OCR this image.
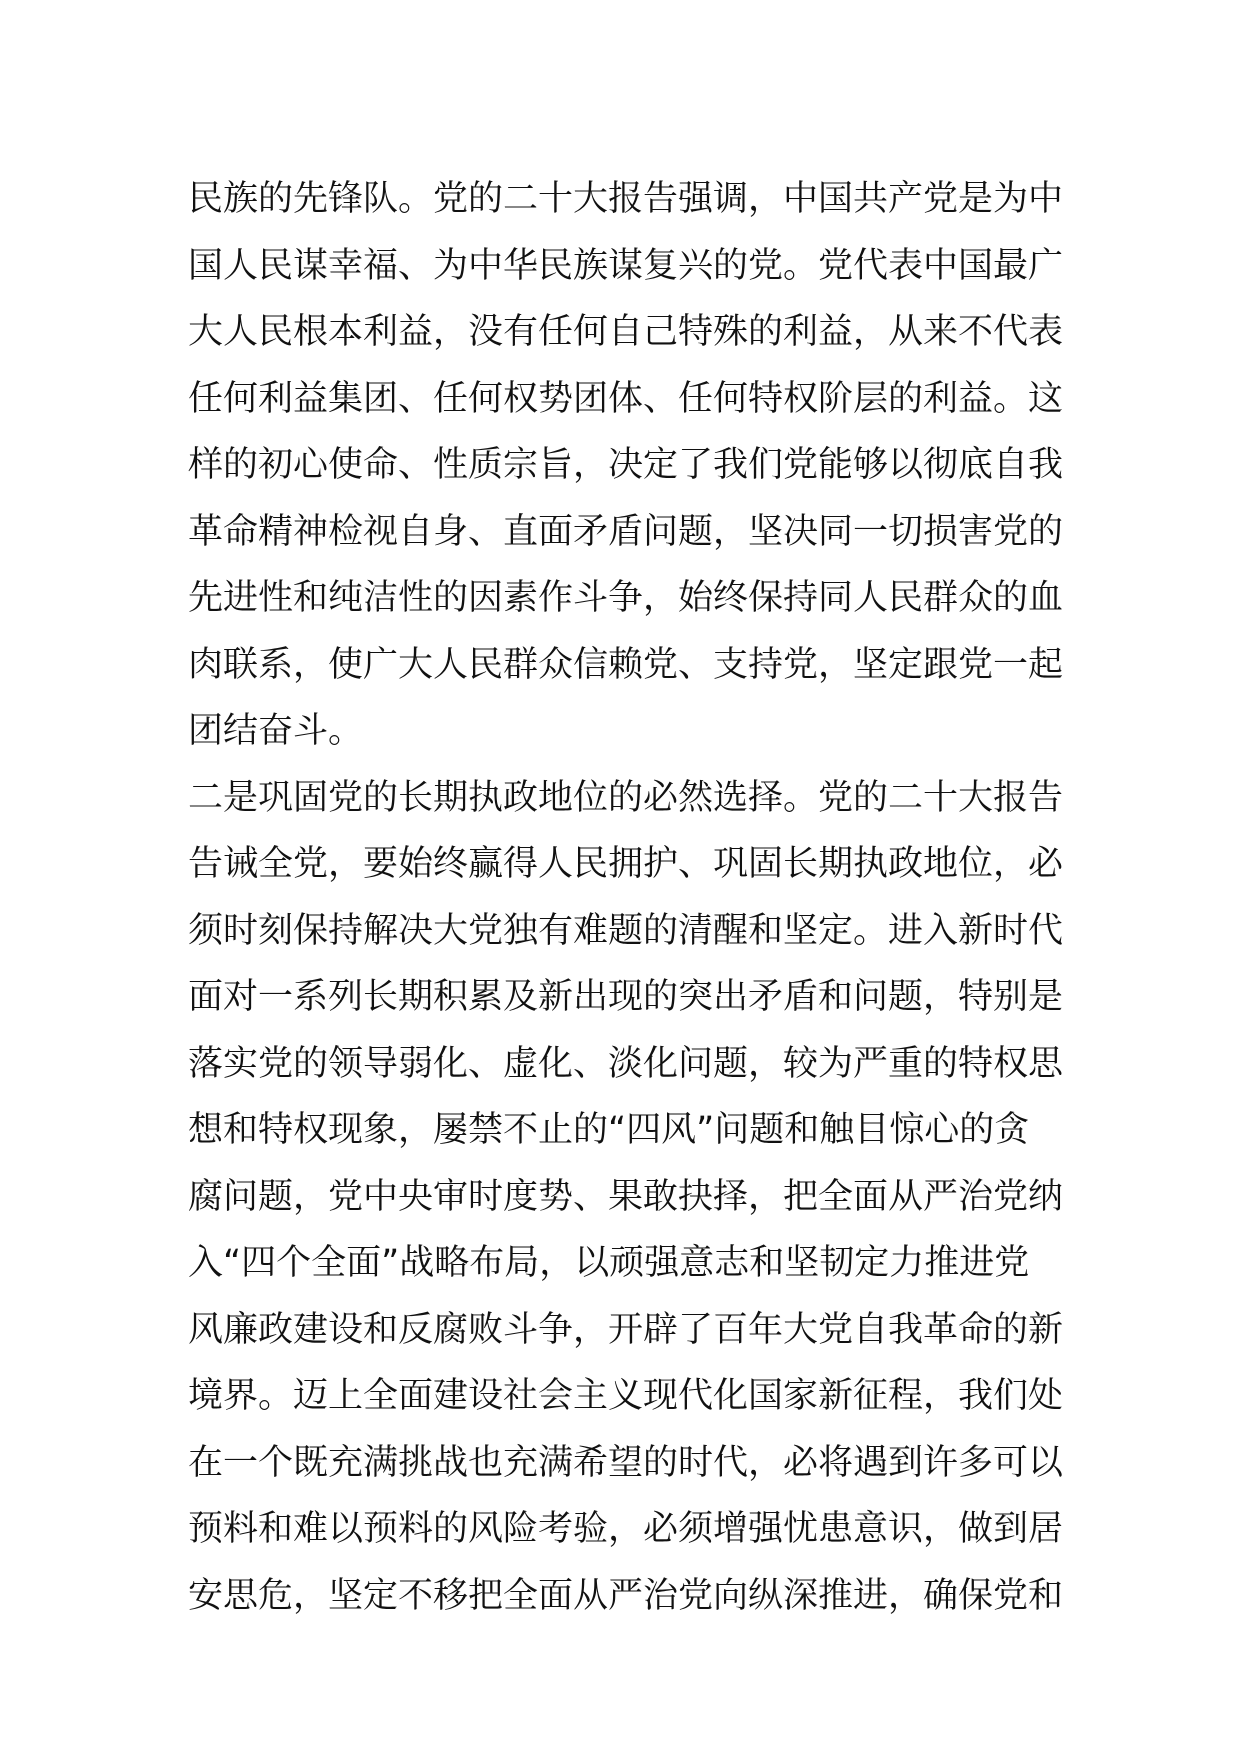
民族的先锋队。党的二十大报告强调，中国共产党是为中
国人民谋幸福、为中华民族谋复兴的党。党代表中国最广
大人民根本利益，没有任何自己特殊的利益，从来不代表
任何利益集团、任何权势团体、任何特权阶层的利益。这
样的初心使命、性质宗旨，决定了我们党能够以彻底自我
革命精神检视自身、直面矛盾问题，坚决同一切损害党的
先进性和纯洁性的因素作斗争，始终保持同人民群众的血
肉联系，使广大人民群众信赖党、支持党，坚定跟党一起
团结奋斗。
二是巩固党的长期执政地位的必然选择。党的二十大报告
告诫全党，要始终赢得人民拥护、巩固长期执政地位，必
须时刻保持解决大党独有难题的清醒和坚定。进入新时代
面对一系列长期积累及新出现的突出矛盾和问题，特别是
落实党的领导弱化、虚化、淡化问题，较为严重的特权思
想和特权现象，屡禁不止的“四风”问题和触目惊心的贪
腐问题，党中央审时度势、果敢抉择，把全面从严治党纳
入“四个全面”战略布局，以顽强意志和坚韧定力推进党
风廉政建设和反腐败斗争，开辟了百年大党自我革命的新
境界。迈上全面建设社会主义现代化国家新征程，我们处
在一个既充满挑战也充满希望的时代，必将遇到许多可以
预料和难以预料的风险考验，必须增强忧患意识，做到居
安思危，坚定不移把全面从严治党向纵深推进，确保党和
